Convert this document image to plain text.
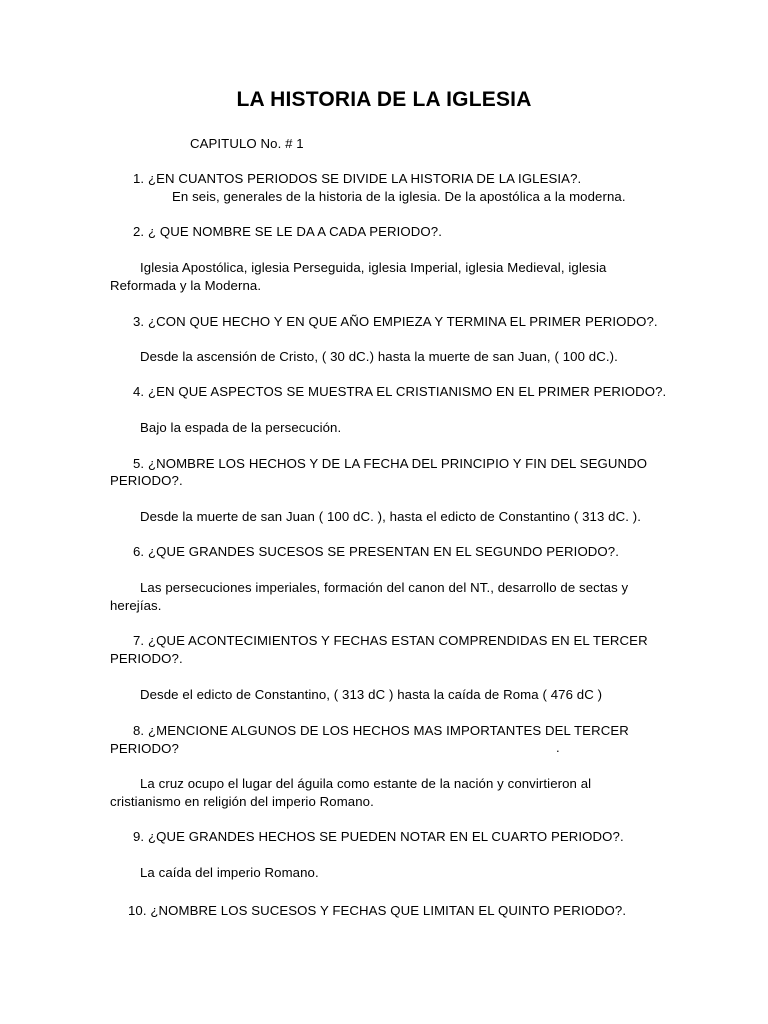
LA HISTORIA DE LA IGLESIA
CAPITULO No. # 1
1. ¿EN CUANTOS PERIODOS SE DIVIDE LA HISTORIA DE LA IGLESIA?.
En seis, generales de la historia de la iglesia. De la apostólica a la moderna.
2. ¿ QUE NOMBRE SE LE DA A CADA PERIODO?.
Iglesia Apostólica, iglesia Perseguida, iglesia Imperial, iglesia Medieval, iglesia
Reformada y la Moderna.
3. ¿CON QUE HECHO Y EN QUE AÑO EMPIEZA Y TERMINA EL PRIMER PERIODO?.
Desde la ascensión de Cristo, ( 30 dC.) hasta la muerte de san Juan, ( 100 dC.).
4. ¿EN QUE ASPECTOS SE MUESTRA EL CRISTIANISMO EN EL PRIMER PERIODO?.
Bajo la espada de la persecución.
5. ¿NOMBRE LOS HECHOS Y DE LA FECHA DEL PRINCIPIO Y FIN DEL SEGUNDO
PERIODO?.
Desde la muerte de san Juan ( 100 dC. ), hasta el edicto de Constantino ( 313 dC. ).
6. ¿QUE GRANDES SUCESOS SE PRESENTAN EN EL SEGUNDO PERIODO?.
Las persecuciones imperiales, formación del canon del NT., desarrollo de sectas y
herejías.
7. ¿QUE ACONTECIMIENTOS Y FECHAS ESTAN COMPRENDIDAS EN EL TERCER
PERIODO?.
Desde el edicto de Constantino, ( 313 dC ) hasta la caída de Roma ( 476 dC )
8. ¿MENCIONE ALGUNOS DE LOS HECHOS MAS IMPORTANTES DEL TERCER
PERIODO?	.
La cruz ocupo el lugar del águila como estante de la nación y convirtieron al
cristianismo en religión del imperio Romano.
9. ¿QUE GRANDES HECHOS SE PUEDEN NOTAR EN EL CUARTO PERIODO?.
La caída del imperio Romano.
10. ¿NOMBRE LOS SUCESOS Y FECHAS QUE LIMITAN EL QUINTO PERIODO?.
